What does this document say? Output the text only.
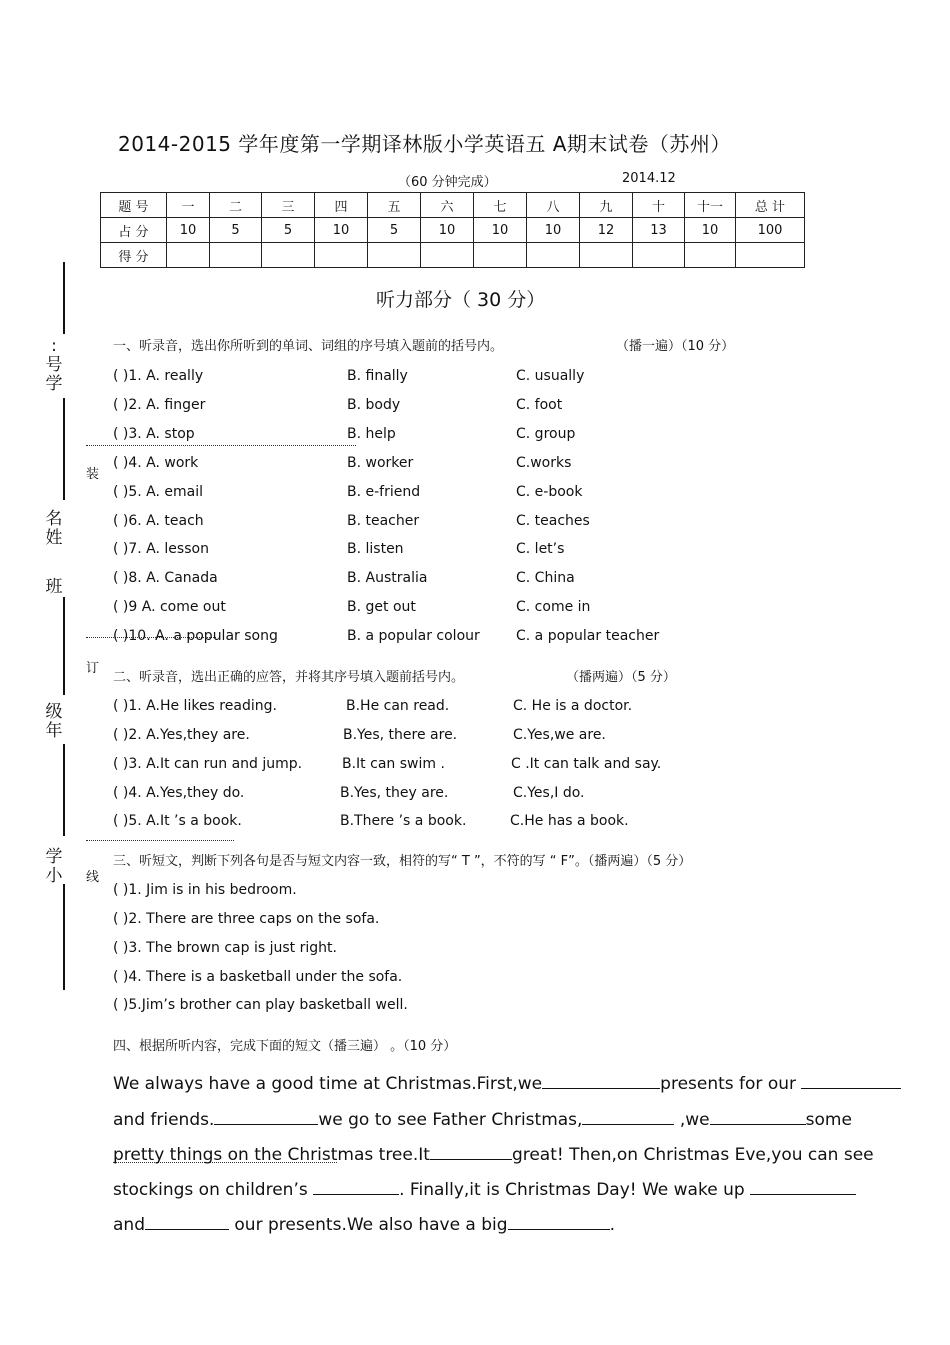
2014-2015 学年度第一学期译林版小学英语五 A期末试卷（苏州）
（60 分钟完成）	2014.12
题 号	一	二	三	四	五	六	七	八	九	十	十一	总 计
占 分	10	5	5	10	5	10	10	10	12	13	10	100
得 分												
听力部分（ 30 分）
:号学
名姓
班
级年
学小
装
订
线
一、听录音，选出你所听到的单词、词组的序号填入题前的括号内。	（播一遍）（10 分）
( )1. A. really	B. finally	C. usually
( )2. A. finger	B. body	C. foot
( )3. A. stop	B. help	C. group
( )4. A. work	B. worker	C.works
( )5. A. email	B. e-friend	C. e-book
( )6. A. teach	B. teacher	C. teaches
( )7. A. lesson	B. listen	C. let’s
( )8. A. Canada	B. Australia	C. China
( )9 A. come out	B. get out	C. come in
( )10. A. a popular song	B. a popular colour	C. a popular teacher
二、听录音，选出正确的应答，并将其序号填入题前括号内。	（播两遍）（5 分）
( )1. A.He likes reading.	B.He can read.	C. He is a doctor.
( )2. A.Yes,they are.	B.Yes, there are.	C.Yes,we are.
( )3. A.It can run and jump.	B.It can swim .	C .It can talk and say.
( )4. A.Yes,they do.	B.Yes, they are.	C.Yes,I do.
( )5. A.It ’s a book.	B.There ’s a book.	C.He has a book.
三、听短文，判断下列各句是否与短文内容一致，相符的写“ T ”，不符的写 “ F”。（播两遍）（5 分）
( )1. Jim is in his bedroom.
( )2. There are three caps on the sofa.
( )3. The brown cap is just right.
( )4. There is a basketball under the sofa.
( )5.Jim’s brother can play basketball well.
四、根据所听内容，完成下面的短文（播三遍） 。（10 分）
We always have a good time at Christmas.First,we	presents for our
and friends.	we go to see Father Christmas,	,we	some
pretty things on the Christmas tree.It	great! Then,on Christmas Eve,you can see
stockings on children’s	. Finally,it is Christmas Day! We wake up
and	our presents.We also have a big	.
